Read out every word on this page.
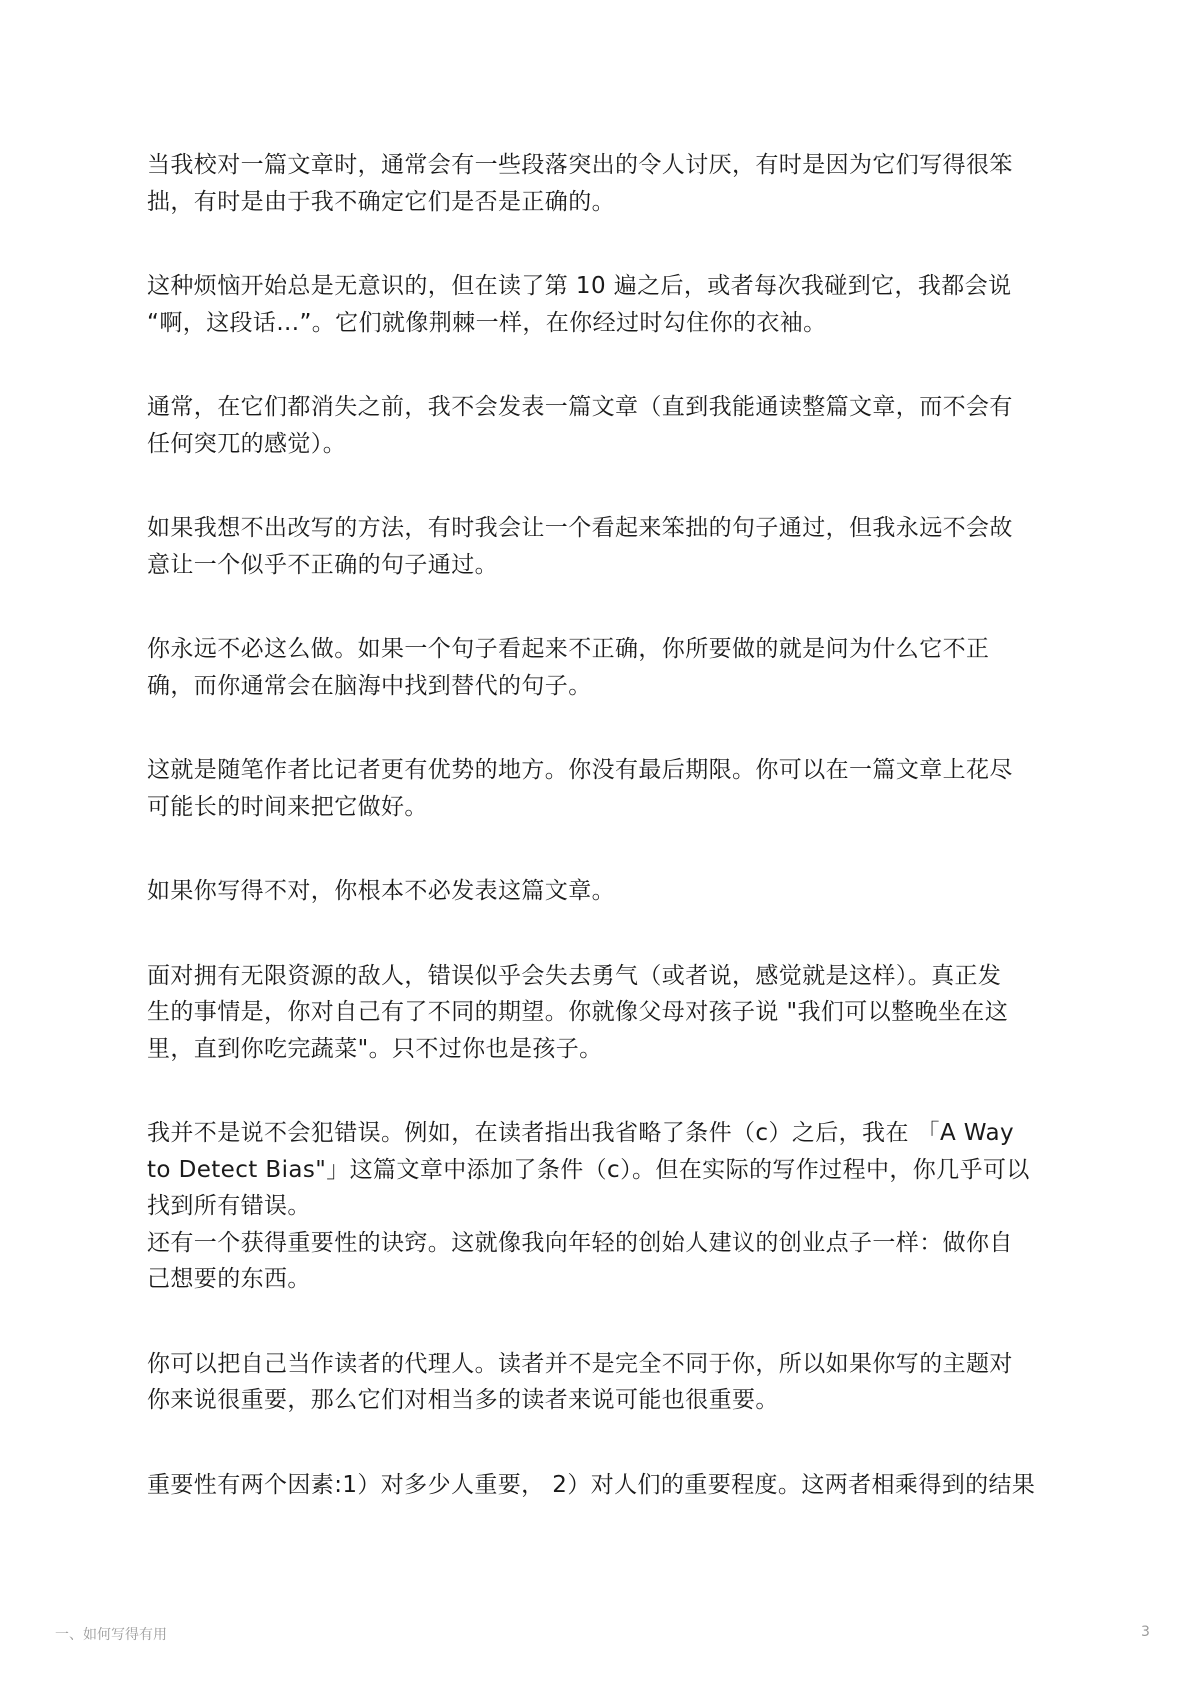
当我校对一篇文章时，通常会有一些段落突出的令人讨厌，有时是因为它们写得很笨
拙，有时是由于我不确定它们是否是正确的。
这种烦恼开始总是无意识的，但在读了第 10 遍之后，或者每次我碰到它，我都会说
“啊，这段话...”。它们就像荆棘一样，在你经过时勾住你的衣袖。
通常，在它们都消失之前，我不会发表一篇文章（直到我能通读整篇文章，而不会有
任何突兀的感觉）。
如果我想不出改写的方法，有时我会让一个看起来笨拙的句子通过，但我永远不会故
意让一个似乎不正确的句子通过。
你永远不必这么做。如果一个句子看起来不正确，你所要做的就是问为什么它不正
确，而你通常会在脑海中找到替代的句子。
这就是随笔作者比记者更有优势的地方。你没有最后期限。你可以在一篇文章上花尽
可能长的时间来把它做好。
如果你写得不对，你根本不必发表这篇文章。
面对拥有无限资源的敌人，错误似乎会失去勇气（或者说，感觉就是这样）。真正发
生的事情是，你对自己有了不同的期望。你就像父母对孩子说 "我们可以整晚坐在这
里，直到你吃完蔬菜"。只不过你也是孩子。
我并不是说不会犯错误。例如，在读者指出我省略了条件（c）之后，我在 「A Way
to Detect Bias"」这篇文章中添加了条件（c）。但在实际的写作过程中，你几乎可以
找到所有错误。
还有一个获得重要性的诀窍。这就像我向年轻的创始人建议的创业点子一样：做你自
己想要的东西。
你可以把自己当作读者的代理人。读者并不是完全不同于你，所以如果你写的主题对
你来说很重要，那么它们对相当多的读者来说可能也很重要。
重要性有两个因素:1）对多少人重要， 2）对人们的重要程度。这两者相乘得到的结果
一、如何写得有用	3
